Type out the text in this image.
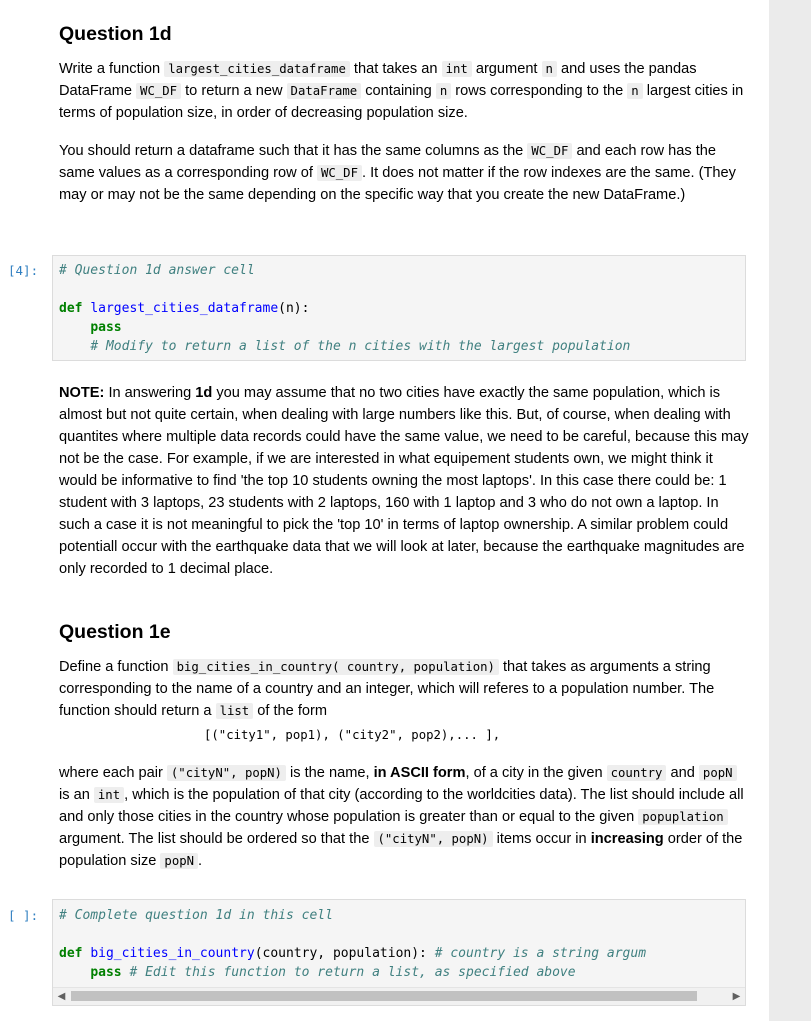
Question 1d

Write a function largest_cities_dataframe that takes an int argument n and uses the pandas DataFrame WC_DF to return a new DataFrame containing n rows corresponding to the n largest cities in terms of population size, in order of decreasing population size.

You should return a dataframe such that it has the same columns as the WC_DF and each row has the same values as a corresponding row of WC_DF . It does not matter if the row indexes are the same. (They may or may not be the same depending on the specific way that you create the new DataFrame.)

[4]:	# Question 1d answer cell
def largest_cities_dataframe(n):
pass
# Modify to return a list of the n cities with the largest population

NOTE: In answering 1d you may assume that no two cities have exactly the same population, which is almost but not quite certain, when dealing with large numbers like this. But, of course, when dealing with quantites where multiple data records could have the same value, we need to be careful, because this may not be the case. For example, if we are interested in what equipement students own, we might think it would be informative to find 'the top 10 students owning the most laptops'. In this case there could be: 1 student with 3 laptops, 23 students with 2 laptops, 160 with 1 laptop and 3 who do not own a laptop. In such a case it is not meaningful to pick the 'top 10' in terms of laptop ownership. A similar problem could potentiall occur with the earthquake data that we will look at later, because the earthquake magnitudes are only recorded to 1 decimal place.

Question 1e

Define a function big_cities_in_country( country, population) that takes as arguments a string corresponding to the name of a country and an integer, which will referes to a population number. The function should return a list of the form

[("city1", pop1), ("city2", pop2),... ],

where each pair ("cityN", popN) is the name, in ASCII form, of a city in the given country and popN is an int , which is the population of that city (according to the worldcities data). The list should include all and only those cities in the country whose population is greater than or equal to the given popuplation argument. The list should be ordered so that the ("cityN", popN) items occur in increasing order of the population size popN .

[ ]:	# Complete question 1d in this cell
def big_cities_in_country(country, population): # country is a string argum
pass # Edit this function to return a list, as specified above
◀	▶
